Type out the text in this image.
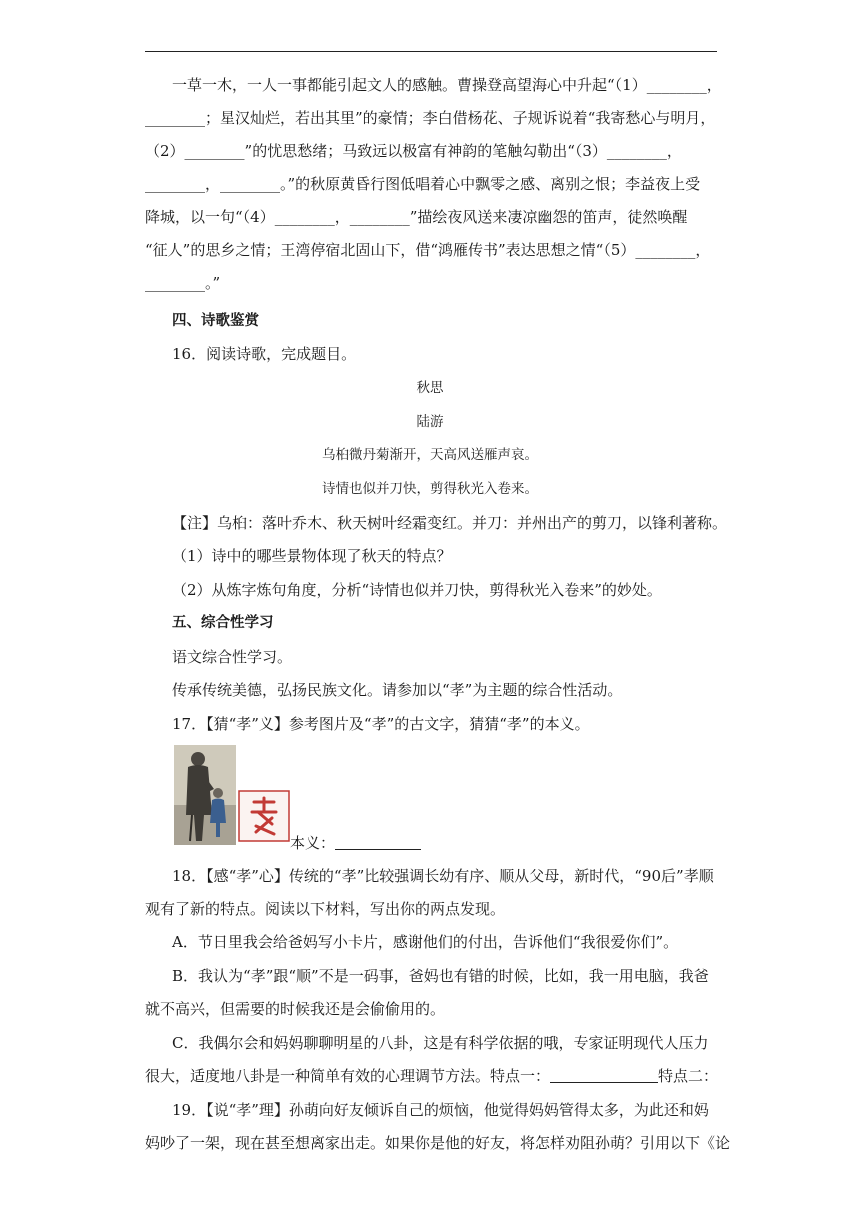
一草一木，一人一事都能引起文人的感触。曹操登高望海心中升起“（1）________，
________；星汉灿烂，若出其里”的豪情；李白借杨花、子规诉说着“我寄愁心与明月，
（2）________”的忧思愁绪；马致远以极富有神韵的笔触勾勒出“（3）________，
________，________。”的秋原黄昏行图低唱着心中飘零之感、离别之恨；李益夜上受
降城，以一句“（4）________，________”描绘夜风送来凄凉幽怨的笛声，徒然唤醒
“征人”的思乡之情；王湾停宿北固山下，借“鸿雁传书”表达思想之情“（5）________，
________。”
四、诗歌鉴赏
16．阅读诗歌，完成题目。
秋思
陆游
乌桕微丹菊渐开，天高风送雁声哀。
诗情也似并刀快，剪得秋光入卷来。
【注】乌桕：落叶乔木、秋天树叶经霜变红。并刀：并州出产的剪刀，以锋利著称。
（1）诗中的哪些景物体现了秋天的特点？
（2）从炼字炼句角度，分析“诗情也似并刀快，剪得秋光入卷来”的妙处。
五、综合性学习
语文综合性学习。
传承传统美德，弘扬民族文化。请参加以“孝”为主题的综合性活动。
17．【猜“孝”义】参考图片及“孝”的古文字，猜猜“孝”的本义。
本义：
18．【感“孝”心】传统的“孝”比较强调长幼有序、顺从父母，新时代，“90后”孝顺
观有了新的特点。阅读以下材料，写出你的两点发现。
A．节日里我会给爸妈写小卡片，感谢他们的付出，告诉他们“我很爱你们”。
B．我认为“孝”跟“顺”不是一码事，爸妈也有错的时候，比如，我一用电脑，我爸
就不高兴，但需要的时候我还是会偷偷用的。
C．我偶尔会和妈妈聊聊明星的八卦，这是有科学依据的哦，专家证明现代人压力
很大，适度地八卦是一种简单有效的心理调节方法。特点一：	特点二：
19．【说“孝”理】孙萌向好友倾诉自己的烦恼，他觉得妈妈管得太多，为此还和妈
妈吵了一架，现在甚至想离家出走。如果你是他的好友，将怎样劝阻孙萌？引用以下《论
